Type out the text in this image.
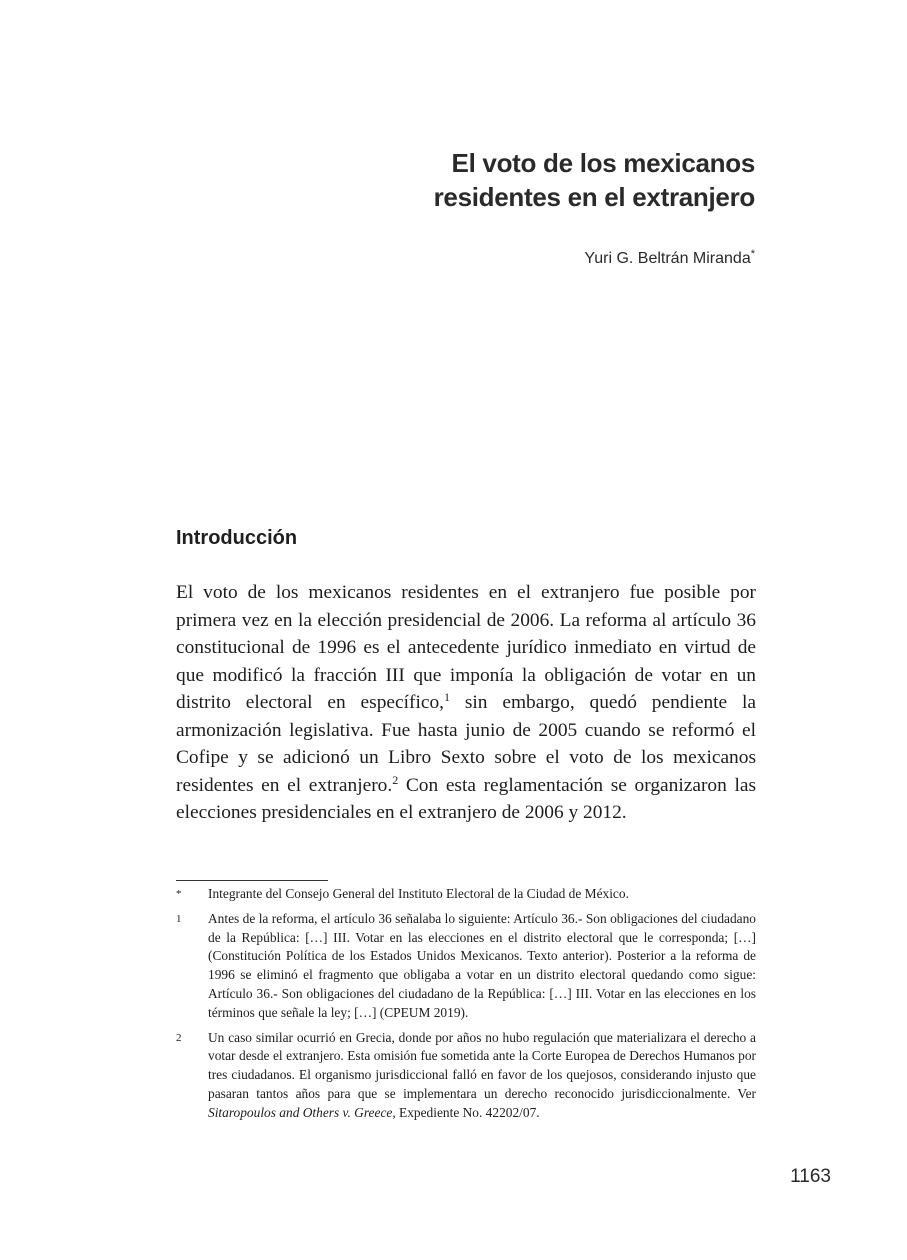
El voto de los mexicanos
residentes en el extranjero
Yuri G. Beltrán Miranda*
Introducción

El voto de los mexicanos residentes en el extranjero fue posible por primera vez en la elección presidencial de 2006. La reforma al artículo 36 constitucional de 1996 es el antecedente jurídico inmediato en virtud de que modificó la fracción III que imponía la obligación de votar en un distrito electoral en específico,$^1$ sin embargo, quedó pendiente la armonización legislativa. Fue hasta junio de 2005 cuando se reformó el Cofipe y se adicionó un Libro Sexto sobre el voto de los mexicanos residentes en el extranjero.$^2$ Con esta reglamentación se organizaron las elecciones presidenciales en el extranjero de 2006 y 2012.

*	Integrante del Consejo General del Instituto Electoral de la Ciudad de México.
1	Antes de la reforma, el artículo 36 señalaba lo siguiente: Artículo 36.- Son obligaciones del ciudadano de la República: […] III. Votar en las elecciones en el distrito electoral que le corresponda; […] (Constitución Política de los Estados Unidos Mexicanos. Texto anterior). Posterior a la reforma de 1996 se eliminó el fragmento que obligaba a votar en un distrito electoral quedando como sigue: Artículo 36.- Son obligaciones del ciudadano de la República: […] III. Votar en las elecciones en los términos que señale la ley; […] (CPEUM 2019).
2	Un caso similar ocurrió en Grecia, donde por años no hubo regulación que materializara el derecho a votar desde el extranjero. Esta omisión fue sometida ante la Corte Europea de Derechos Humanos por tres ciudadanos. El organismo jurisdiccional falló en favor de los quejosos, considerando injusto que pasaran tantos años para que se implementara un derecho reconocido jurisdiccionalmente. Ver Sitaropoulos and Others v. Greece, Expediente No. 42202/07.
1163
